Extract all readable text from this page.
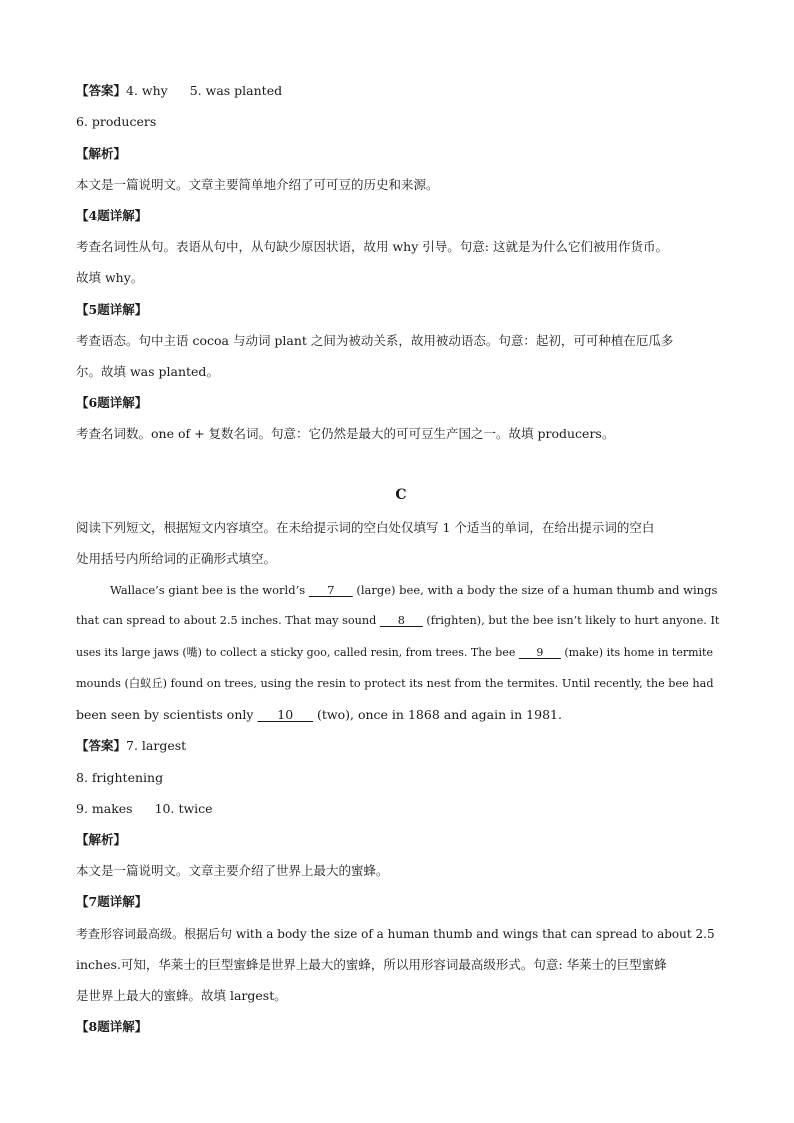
【答案】4. why 5. was planted
6. producers
【解析】
本文是一篇说明文。文章主要简单地介绍了可可豆的历史和来源。
【4题详解】
考查名词性从句。表语从句中，从句缺少原因状语，故用 why 引导。句意: 这就是为什么它们被用作货币。
故填 why。
【5题详解】
考查语态。句中主语 cocoa 与动词 plant 之间为被动关系，故用被动语态。句意：起初，可可种植在厄瓜多
尔。故填 was planted。
【6题详解】
考查名词数。one of + 复数名词。句意：它仍然是最大的可可豆生产国之一。故填 producers。
C
阅读下列短文，根据短文内容填空。在未给提示词的空白处仅填写 1 个适当的单词，在给出提示词的空白
处用括号内所给词的正确形式填空。
Wallace’s giant bee is the world’s      7      (large) bee, with a body the size of a human thumb and wings
that can spread to about 2.5 inches. That may sound      8      (frighten), but the bee isn’t likely to hurt anyone. It
uses its large jaws (嘴) to collect a sticky goo, called resin, from trees. The bee      9      (make) its home in termite
mounds (白蚁丘) found on trees, using the resin to protect its nest from the termites. Until recently, the bee had
been seen by scientists only      10      (two), once in 1868 and again in 1981.
【答案】7. largest
8. frightening
9. makes 10. twice
【解析】
本文是一篇说明文。文章主要介绍了世界上最大的蜜蜂。
【7题详解】
考查形容词最高级。根据后句 with a body the size of a human thumb and wings that can spread to about 2.5
inches.可知，华莱士的巨型蜜蜂是世界上最大的蜜蜂，所以用形容词最高级形式。句意: 华莱士的巨型蜜蜂
是世界上最大的蜜蜂。故填 largest。
【8题详解】
